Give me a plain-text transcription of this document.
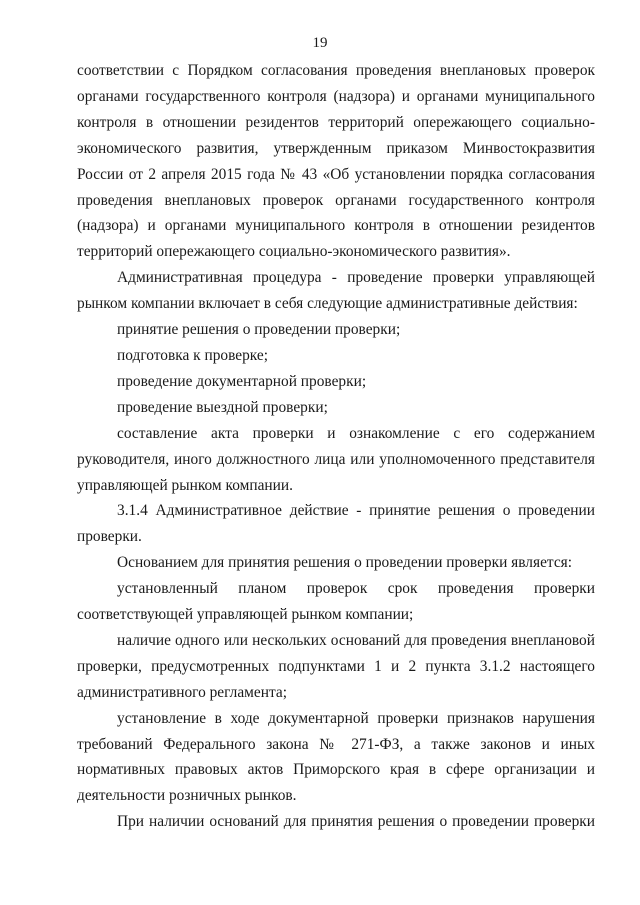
19

соответствии с Порядком согласования проведения внеплановых проверок органами государственного контроля (надзора) и органами муниципального контроля в отношении резидентов территорий опережающего социально-экономического развития, утвержденным приказом Минвостокразвития России от 2 апреля 2015 года № 43 «Об установлении порядка согласования проведения внеплановых проверок органами государственного контроля (надзора) и органами муниципального контроля в отношении резидентов территорий опережающего социально-экономического развития».

Административная процедура - проведение проверки управляющей рынком компании включает в себя следующие административные действия:

принятие решения о проведении проверки;

подготовка к проверке;

проведение документарной проверки;

проведение выездной проверки;

составление акта проверки и ознакомление с его содержанием руководителя, иного должностного лица или уполномоченного представителя управляющей рынком компании.

3.1.4 Административное действие - принятие решения о проведении проверки.

Основанием для принятия решения о проведении проверки является:

установленный планом проверок срок проведения проверки соответствующей управляющей рынком компании;

наличие одного или нескольких оснований для проведения внеплановой проверки, предусмотренных подпунктами 1 и 2 пункта 3.1.2 настоящего административного регламента;

установление в ходе документарной проверки признаков нарушения требований Федерального закона № 271-ФЗ, а также законов и иных нормативных правовых актов Приморского края в сфере организации и деятельности розничных рынков.

При наличии оснований для принятия решения о проведении проверки
